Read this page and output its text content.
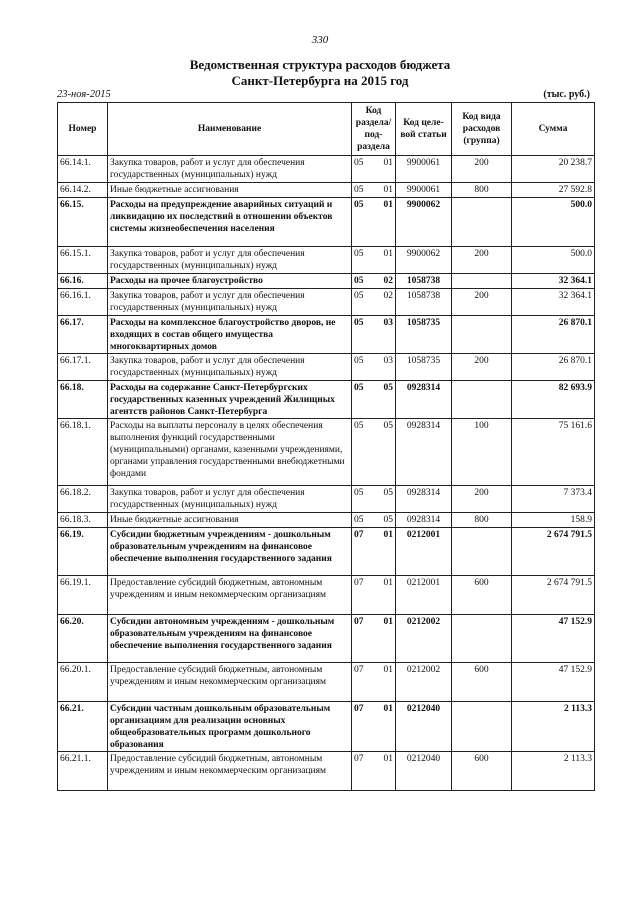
330
Ведомственная структура расходов бюджета
Санкт-Петербурга на 2015 год
23-ноя-2015	(тыс. руб.)
Номер	Наименование	Код раздела/ под- раздела		Код целе- вой статьи	Код вида расходов (группа)	Сумма
66.14.1.	Закупка товаров, работ и услуг для обеспечения государственных (муниципальных) нужд	05	01	9900061	200	20 238.7
66.14.2.	Иные бюджетные ассигнования	05	01	9900061	800	27 592.8
66.15.	Расходы на предупреждение аварийных ситуаций и ликвидацию их последствий в отношении объектов системы жизнеобеспечения населения	05	01	9900062		500.0
66.15.1.	Закупка товаров, работ и услуг для обеспечения государственных (муниципальных) нужд	05	01	9900062	200	500.0
66.16.	Расходы на прочее благоустройство	05	02	1058738		32 364.1
66.16.1.	Закупка товаров, работ и услуг для обеспечения государственных (муниципальных) нужд	05	02	1058738	200	32 364.1
66.17.	Расходы на комплексное благоустройство дворов, не входящих в состав общего имущества многоквартирных домов	05	03	1058735		26 870.1
66.17.1.	Закупка товаров, работ и услуг для обеспечения государственных (муниципальных) нужд	05	03	1058735	200	26 870.1
66.18.	Расходы на содержание Санкт-Петербургских государственных казенных учреждений Жилищных агентств районов Санкт-Петербурга	05	05	0928314		82 693.9
66.18.1.	Расходы на выплаты персоналу в целях обеспечения выполнения функций государственными (муниципальными) органами, казенными учреждениями, органами управления государственными внебюджетными фондами	05	05	0928314	100	75 161.6
66.18.2.	Закупка товаров, работ и услуг для обеспечения государственных (муниципальных) нужд	05	05	0928314	200	7 373.4
66.18.3.	Иные бюджетные ассигнования	05	05	0928314	800	158.9
66.19.	Субсидии бюджетным учреждениям - дошкольным образовательным учреждениям на финансовое обеспечение выполнения государственного задания	07	01	0212001		2 674 791.5
66.19.1.	Предоставление субсидий бюджетным, автономным учреждениям и иным некоммерческим организациям	07	01	0212001	600	2 674 791.5
66.20.	Субсидии автономным учреждениям - дошкольным образовательным учреждениям на финансовое обеспечение выполнения государственного задания	07	01	0212002		47 152.9
66.20.1.	Предоставление субсидий бюджетным, автономным учреждениям и иным некоммерческим организациям	07	01	0212002	600	47 152.9
66.21.	Субсидии частным дошкольным образовательным организациям для реализации основных общеобразовательных программ дошкольного образования	07	01	0212040		2 113.3
66.21.1.	Предоставление субсидий бюджетным, автономным учреждениям и иным некоммерческим организациям	07	01	0212040	600	2 113.3
